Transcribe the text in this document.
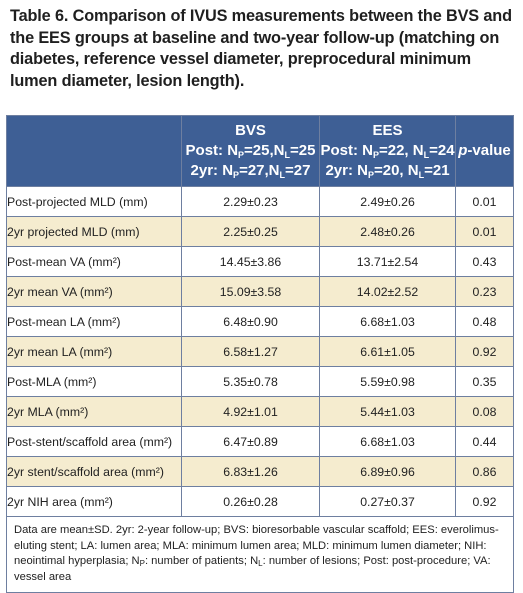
Table 6. Comparison of IVUS measurements between the BVS and the EES groups at baseline and two-year follow-up (matching on diabetes, reference vessel diameter, preprocedural minimum lumen diameter, lesion length).

	BVS
Post: $N_P=25,N_L=25$
2yr: $N_P=27,N_L=27$	EES
Post: $N_P=22$, $N_L=24$
2yr: $N_P=20$, $N_L=21$	p-value
Post-projected MLD (mm)	2.29±0.23	2.49±0.26	0.01
2yr projected MLD (mm)	2.25±0.25	2.48±0.26	0.01
Post-mean VA (mm²)	14.45±3.86	13.71±2.54	0.43
2yr mean VA (mm²)	15.09±3.58	14.02±2.52	0.23
Post-mean LA (mm²)	6.48±0.90	6.68±1.03	0.48
2yr mean LA (mm²)	6.58±1.27	6.61±1.05	0.92
Post-MLA (mm²)	5.35±0.78	5.59±0.98	0.35
2yr MLA (mm²)	4.92±1.01	5.44±1.03	0.08
Post-stent/scaffold area (mm²)	6.47±0.89	6.68±1.03	0.44
2yr stent/scaffold area (mm²)	6.83±1.26	6.89±0.96	0.86
2yr NIH area (mm²)	0.26±0.28	0.27±0.37	0.92
Data are mean±SD. 2yr: 2-year follow-up; BVS: bioresorbable vascular scaffold; EES: everolimus-eluting stent; LA: lumen area; MLA: minimum lumen area; MLD: minimum lumen diameter; NIH: neointimal hyperplasia; $N_P$: number of patients; $N_L$: number of lesions; Post: post-procedure; VA: vessel area			
